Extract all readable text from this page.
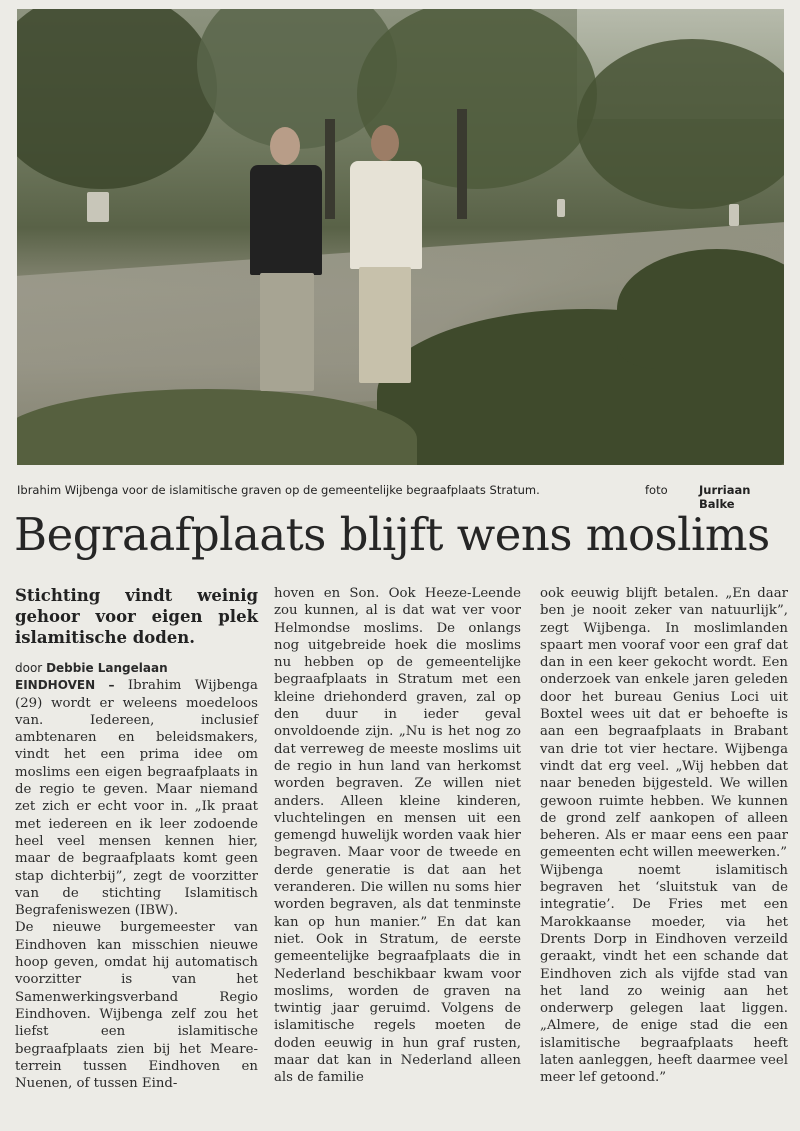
Ibrahim Wijbenga voor de islamitische graven op de gemeentelijke begraafplaats Stratum.	foto	Jurriaan Balke
Begraafplaats blijft wens moslims
Stichting vindt weinig gehoor voor eigen plek islamitische doden.
door Debbie Langelaan

EINDHOVEN – Ibrahim Wijbenga (29) wordt er weleens moedeloos van. Iedereen, inclusief ambtenaren en beleidsmakers, vindt het een prima idee om moslims een eigen begraafplaats in de regio te geven. Maar niemand zet zich er echt voor in. „Ik praat met iedereen en ik leer zodoende heel veel mensen kennen hier, maar de begraafplaats komt geen stap dichterbij”, zegt de voorzitter van de stichting Islamitisch Begrafeniswezen (IBW).

De nieuwe burgemeester van Eindhoven kan misschien nieuwe hoop geven, omdat hij automatisch voorzitter is van het Samenwerkingsverband Regio Eindhoven. Wijbenga zelf zou het liefst een islamitische begraafplaats zien bij het Meare-terrein tussen Eindhoven en Nuenen, of tussen Eind-

hoven en Son. Ook Heeze-Leende zou kunnen, al is dat wat ver voor Helmondse moslims. De onlangs nog uitgebreide hoek die moslims nu hebben op de gemeentelijke begraafplaats in Stratum met een kleine driehonderd graven, zal op den duur in ieder geval onvoldoende zijn. „Nu is het nog zo dat verreweg de meeste moslims uit de regio in hun land van herkomst worden begraven. Ze willen niet anders. Alleen kleine kinderen, vluchtelingen en mensen uit een gemengd huwelijk worden vaak hier begraven. Maar voor de tweede en derde generatie is dat aan het veranderen. Die willen nu soms hier worden begraven, als dat tenminste kan op hun manier.” En dat kan niet. Ook in Stratum, de eerste gemeentelijke begraafplaats die in Nederland beschikbaar kwam voor moslims, worden de graven na twintig jaar geruimd. Volgens de islamitische regels moeten de doden eeuwig in hun graf rusten, maar dat kan in Nederland alleen als de familie

ook eeuwig blijft betalen. „En daar ben je nooit zeker van natuurlijk”, zegt Wijbenga. In moslimlanden spaart men vooraf voor een graf dat dan in een keer gekocht wordt. Een onderzoek van enkele jaren geleden door het bureau Genius Loci uit Boxtel wees uit dat er behoefte is aan een begraafplaats in Brabant van drie tot vier hectare. Wijbenga vindt dat erg veel. „Wij hebben dat naar beneden bijgesteld. We willen gewoon ruimte hebben. We kunnen de grond zelf aankopen of alleen beheren. Als er maar eens een paar gemeenten echt willen meewerken.”

Wijbenga noemt islamitisch begraven het ‘sluitstuk van de integratie’. De Fries met een Marokkaanse moeder, via het Drents Dorp in Eindhoven verzeild geraakt, vindt het een schande dat Eindhoven zich als vijfde stad van het land zo weinig aan het onderwerp gelegen laat liggen. „Almere, de enige stad die een islamitische begraafplaats heeft laten aanleggen, heeft daarmee veel meer lef getoond.”
